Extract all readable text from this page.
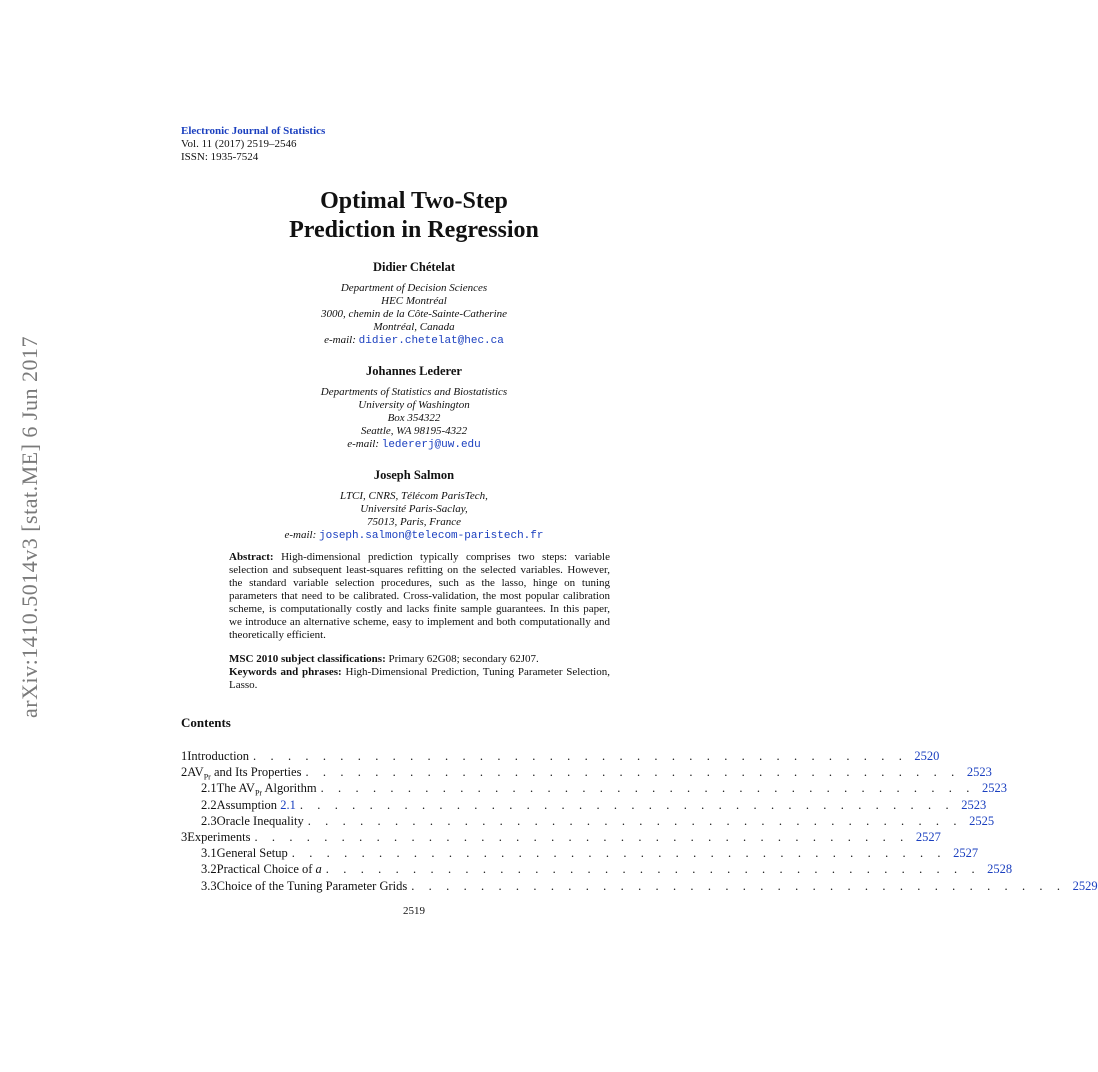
arXiv:1410.5014v3 [stat.ME] 6 Jun 2017
Electronic Journal of Statistics
Vol. 11 (2017) 2519–2546
ISSN: 1935-7524
Optimal Two-Step
Prediction in Regression
Didier Chételat
Department of Decision Sciences
HEC Montréal
3000, chemin de la Côte-Sainte-Catherine
Montréal, Canada
e-mail: didier.chetelat@hec.ca
Johannes Lederer
Departments of Statistics and Biostatistics
University of Washington
Box 354322
Seattle, WA 98195-4322
e-mail: ledererj@uw.edu
Joseph Salmon
LTCI, CNRS, Télécom ParisTech,
Université Paris-Saclay,
75013, Paris, France
e-mail: joseph.salmon@telecom-paristech.fr
Abstract: High-dimensional prediction typically comprises two steps: variable selection and subsequent least-squares refitting on the selected variables. However, the standard variable selection procedures, such as the lasso, hinge on tuning parameters that need to be calibrated. Cross-validation, the most popular calibration scheme, is computationally costly and lacks finite sample guarantees. In this paper, we introduce an alternative scheme, easy to implement and both computationally and theoretically efficient.
MSC 2010 subject classifications: Primary 62G08; secondary 62J07.
Keywords and phrases: High-Dimensional Prediction, Tuning Parameter Selection, Lasso.
Contents
1 Introduction . . . . . . . . . . . . . . . . . . . . . . . . . . . . . . . . . . . . . . 2520
2 $AV_{Pr}$ and Its Properties . . . . . . . . . . . . . . . . . . . . . . . . . . . . . . . . . . . . . . 2523
2.1 The $AV_{Pr}$ Algorithm . . . . . . . . . . . . . . . . . . . . . . . . . . . . . . . . . . . . . . 2523
2.2 Assumption 2.1 . . . . . . . . . . . . . . . . . . . . . . . . . . . . . . . . . . . . . . 2523
2.3 Oracle Inequality . . . . . . . . . . . . . . . . . . . . . . . . . . . . . . . . . . . . . . 2525
3 Experiments . . . . . . . . . . . . . . . . . . . . . . . . . . . . . . . . . . . . . . 2527
3.1 General Setup . . . . . . . . . . . . . . . . . . . . . . . . . . . . . . . . . . . . . . 2527
3.2 Practical Choice of a . . . . . . . . . . . . . . . . . . . . . . . . . . . . . . . . . . . . . . 2528
3.3 Choice of the Tuning Parameter Grids . . . . . . . . . . . . . . . . . . . . . . . . . . . . . . . . . . . . . . 2529
2519
